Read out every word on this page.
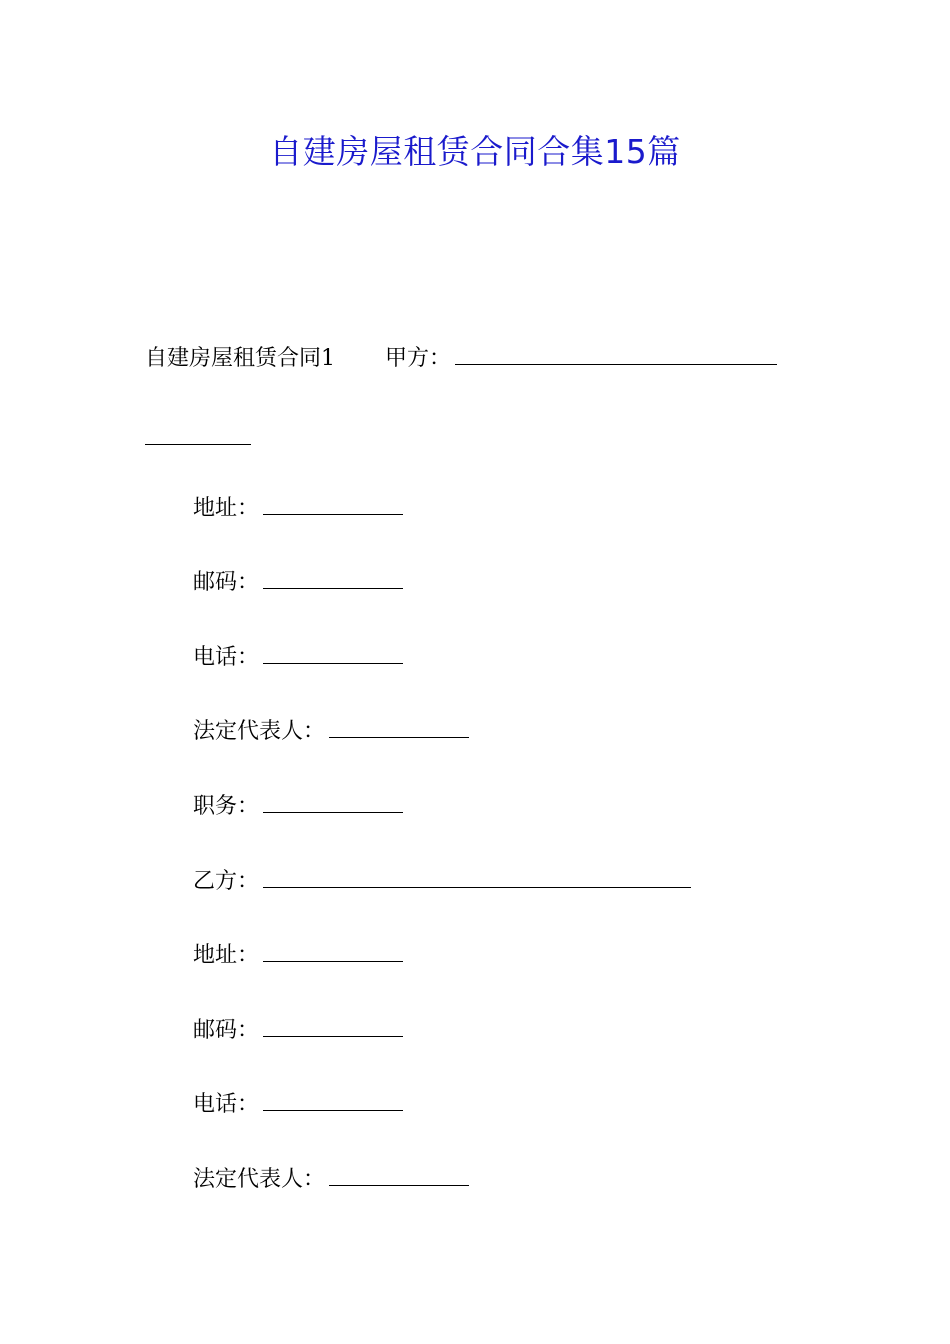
自建房屋租赁合同合集15篇
自建房屋租赁合同1 甲方：
地址：
邮码：
电话：
法定代表人：
职务：
乙方：
地址：
邮码：
电话：
法定代表人：
